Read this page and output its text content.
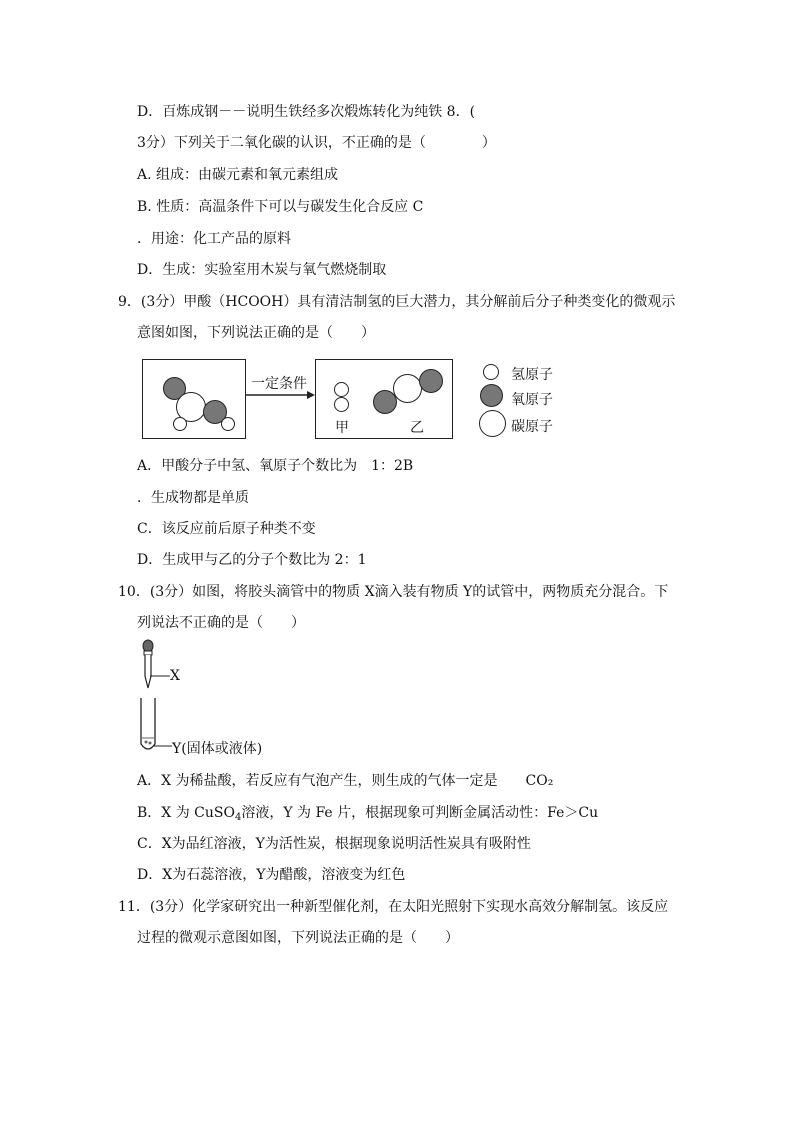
D．百炼成钢－－说明生铁经多次煅炼转化为纯铁 8．(
3分）下列关于二氧化碳的认识，不正确的是（　　　　）
A. 组成：由碳元素和氧元素组成
B. 性质：高温条件下可以与碳发生化合反应 C
．用途：化工产品的原料
D．生成：实验室用木炭与氧气燃烧制取
9．(3分）甲酸（HCOOH）具有清洁制氢的巨大潜力，其分解前后分子种类变化的微观示
意图如图，下列说法正确的是（　　）
一定条件
甲	乙
氢原子
氧原子
碳原子
A．甲酸分子中氢、氧原子个数比为　1：2B
．生成物都是单质
C．该反应前后原子种类不变
D．生成甲与乙的分子个数比为 2：1
10．(3分）如图，将胶头滴管中的物质 X滴入装有物质 Y的试管中，两物质充分混合。下
列说法不正确的是（　　）
X
Y(固体或液体)
A．X 为稀盐酸，若反应有气泡产生，则生成的气体一定是　　CO₂
B．X 为 CuSO$_4$溶液，Y 为 Fe 片，根据现象可判断金属活动性：Fe＞Cu
C．X为品红溶液，Y为活性炭，根据现象说明活性炭具有吸附性
D．X为石蕊溶液，Y为醋酸，溶液变为红色
11．(3分）化学家研究出一种新型催化剂，在太阳光照射下实现水高效分解制氢。该反应
过程的微观示意图如图，下列说法正确的是（　　）
